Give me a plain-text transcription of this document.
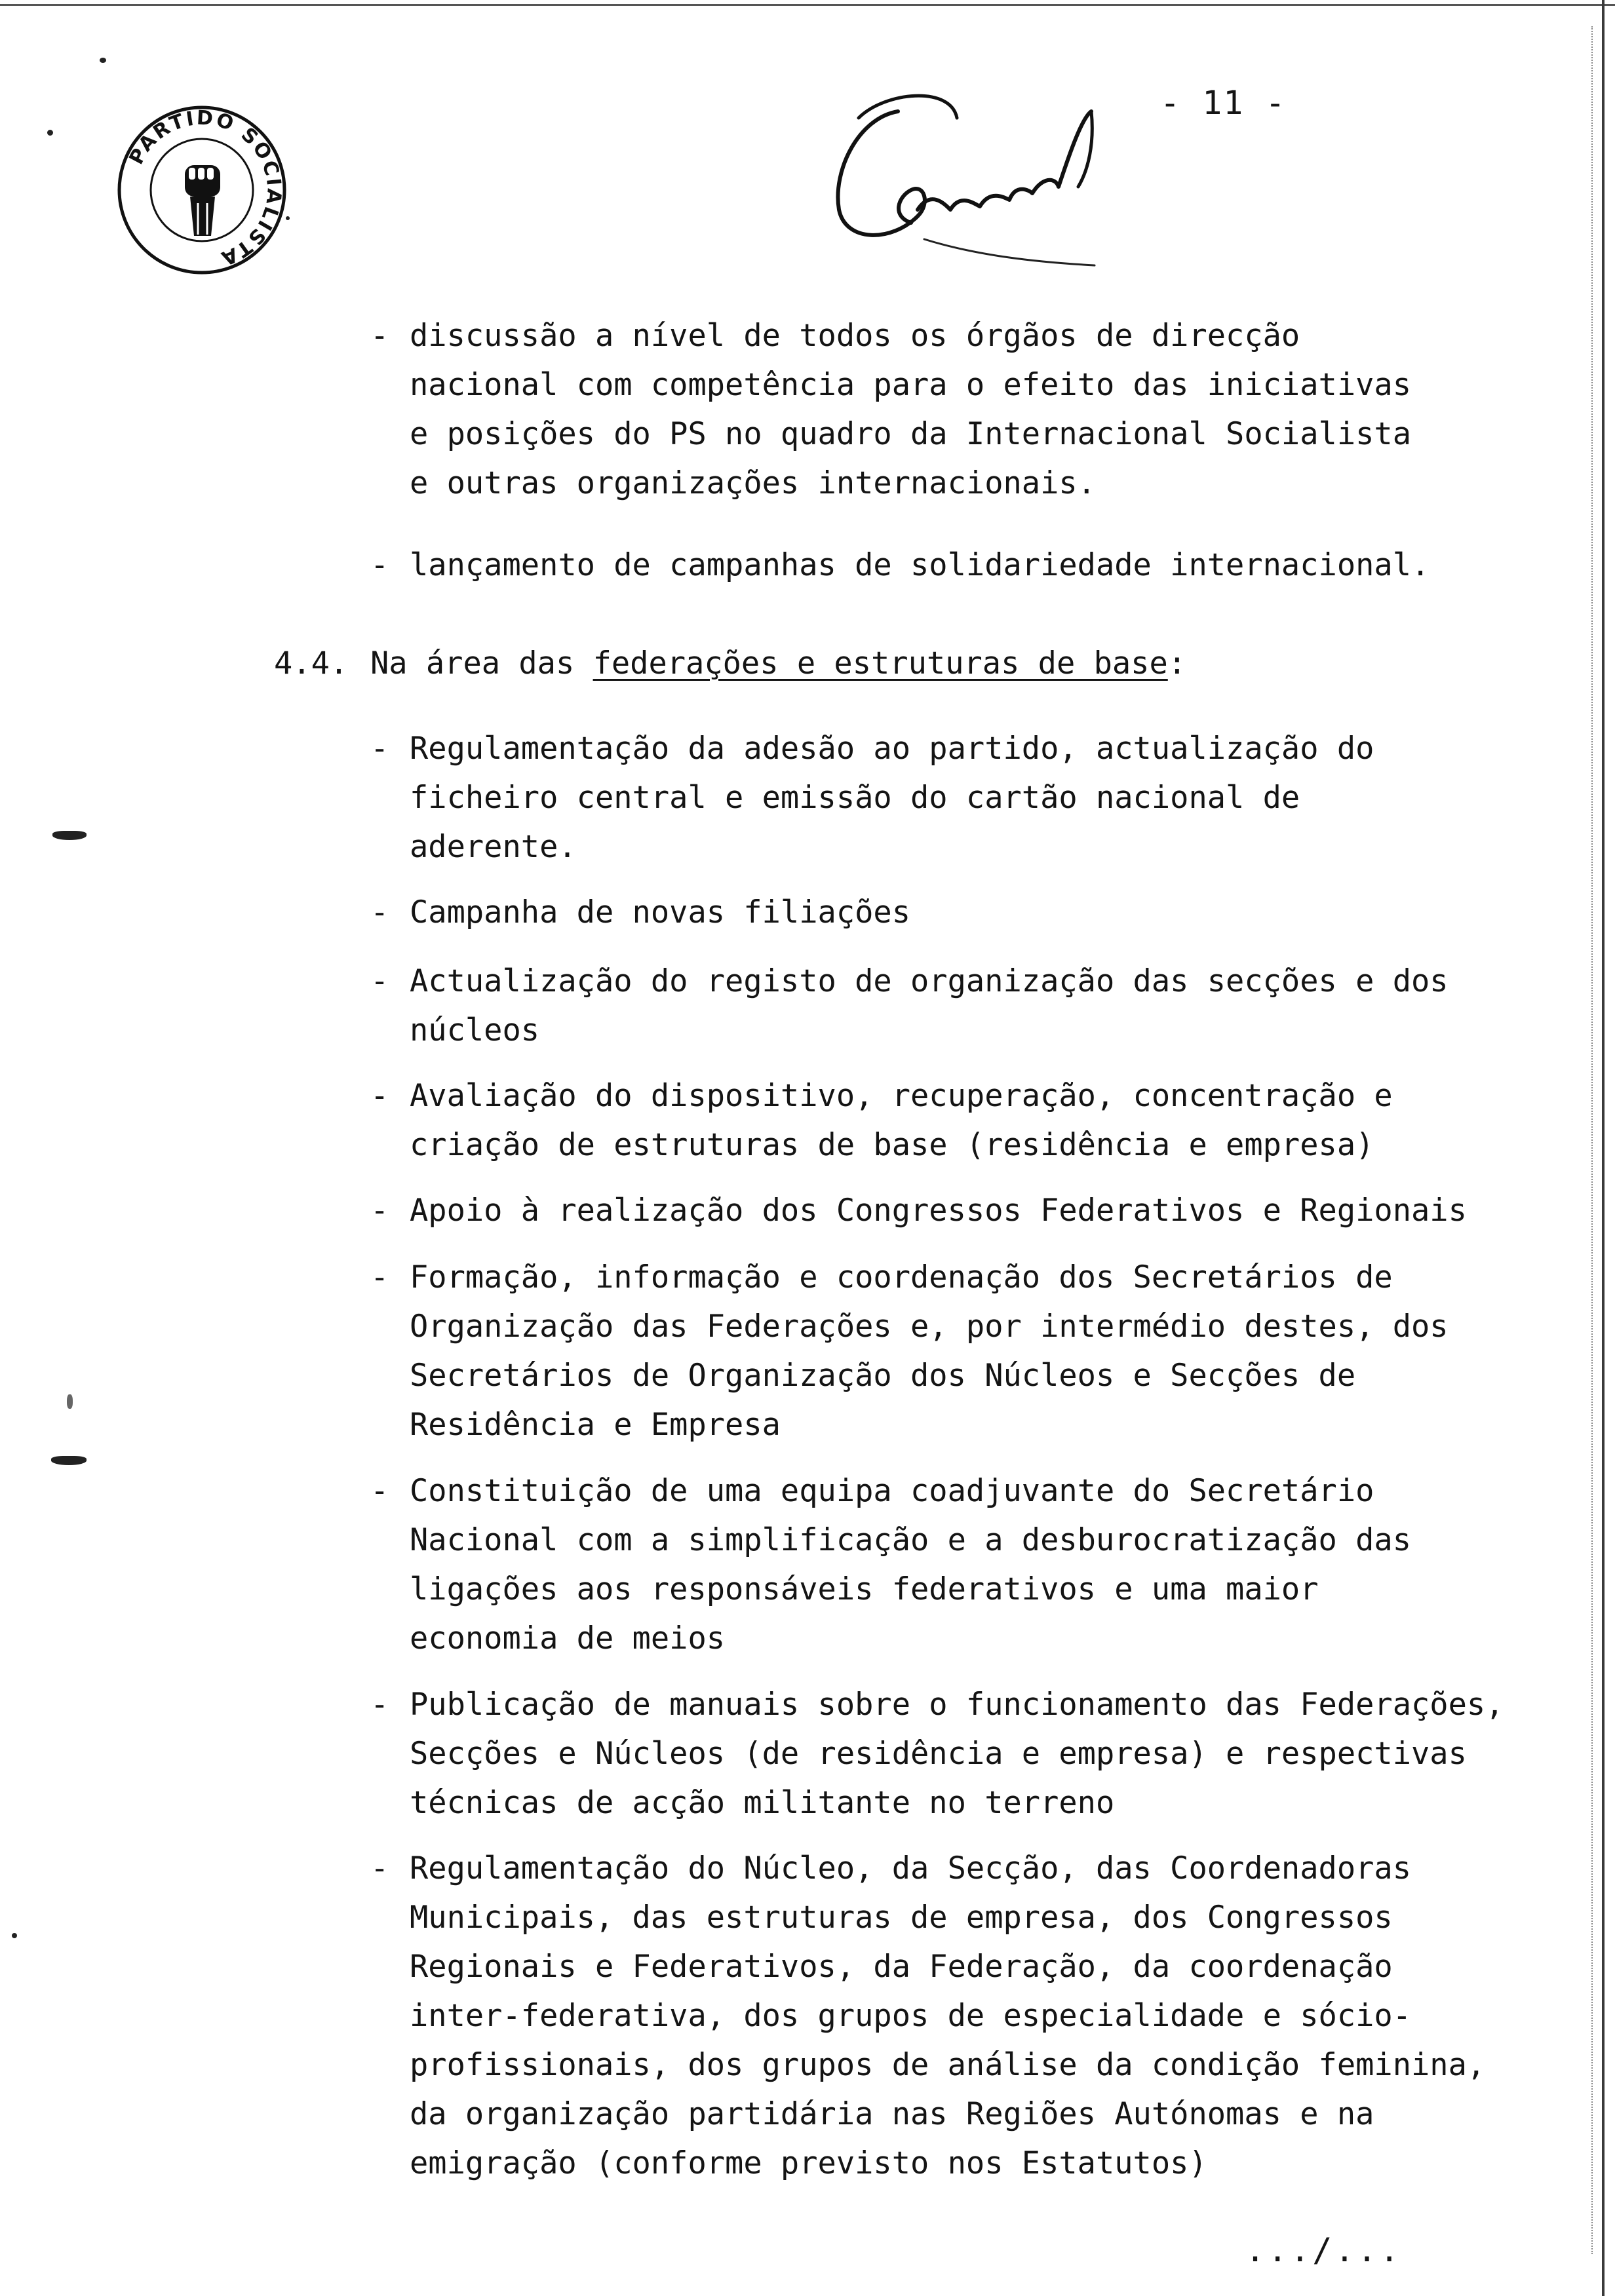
PARTIDO SOCIALISTA
- 11 -
- discussão a nível de todos os órgãos de direcção
nacional com competência para o efeito das iniciativas
e posições do PS no quadro da Internacional Socialista
e outras organizações internacionais.
- lançamento de campanhas de solidariedade internacional.
- Regulamentação da adesão ao partido, actualização do
ficheiro central e emissão do cartão nacional de
aderente.
- Campanha de novas filiações
- Actualização do registo de organização das secções e dos
núcleos
- Avaliação do dispositivo, recuperação, concentração e
criação de estruturas de base (residência e empresa)
- Apoio à realização dos Congressos Federativos e Regionais
- Formação, informação e coordenação dos Secretários de
Organização das Federações e, por intermédio destes, dos
Secretários de Organização dos Núcleos e Secções de
Residência e Empresa
- Constituição de uma equipa coadjuvante do Secretário
Nacional com a simplificação e a desburocratização das
ligações aos responsáveis federativos e uma maior
economia de meios
- Publicação de manuais sobre o funcionamento das Federações,
Secções e Núcleos (de residência e empresa) e respectivas
técnicas de acção militante no terreno
- Regulamentação do Núcleo, da Secção, das Coordenadoras
Municipais, das estruturas de empresa, dos Congressos
Regionais e Federativos, da Federação, da coordenação
inter-federativa, dos grupos de especialidade e sócio-
profissionais, dos grupos de análise da condição feminina,
da organização partidária nas Regiões Autónomas e na
emigração (conforme previsto nos Estatutos)
4.4. Na área das federações e estruturas de base:
.../...
